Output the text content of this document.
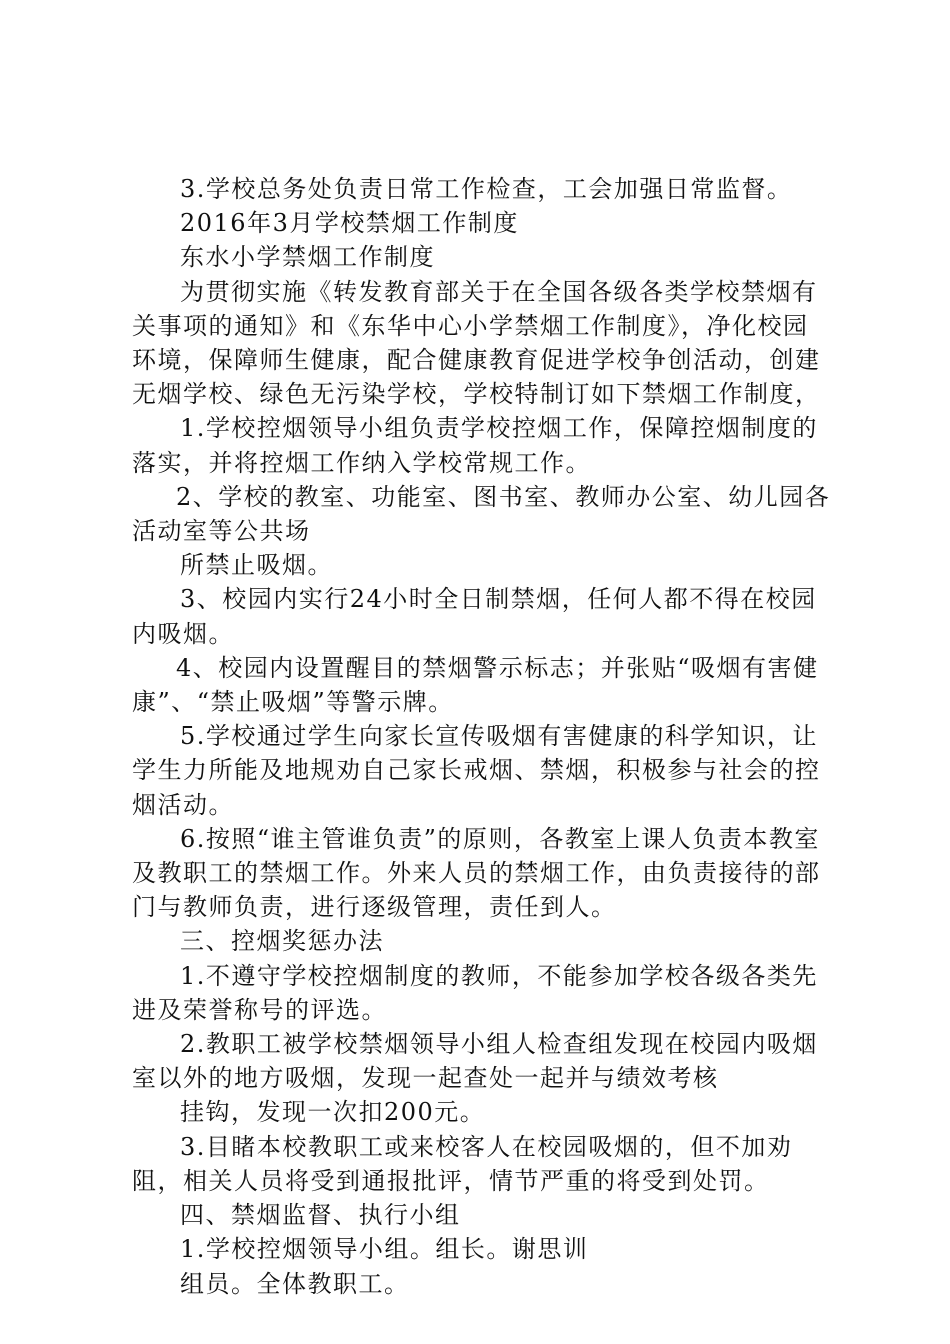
3.学校总务处负责日常工作检查，工会加强日常监督。

2016年3月学校禁烟工作制度

东水小学禁烟工作制度

为贯彻实施《转发教育部关于在全国各级各类学校禁烟有关事项的通知》和《东华中心小学禁烟工作制度》，净化校园环境，保障师生健康，配合健康教育促进学校争创活动，创建无烟学校、绿色无污染学校，学校特制订如下禁烟工作制度，

1.学校控烟领导小组负责学校控烟工作，保障控烟制度的落实，并将控烟工作纳入学校常规工作。

2、学校的教室、功能室、图书室、教师办公室、幼儿园各活动室等公共场

所禁止吸烟。

3、校园内实行24小时全日制禁烟，任何人都不得在校园内吸烟。

4、校园内设置醒目的禁烟警示标志；并张贴“吸烟有害健康”、“禁止吸烟”等警示牌。

5.学校通过学生向家长宣传吸烟有害健康的科学知识，让学生力所能及地规劝自己家长戒烟、禁烟，积极参与社会的控烟活动。

6.按照“谁主管谁负责”的原则，各教室上课人负责本教室及教职工的禁烟工作。外来人员的禁烟工作，由负责接待的部门与教师负责，进行逐级管理，责任到人。

三、控烟奖惩办法

1.不遵守学校控烟制度的教师，不能参加学校各级各类先进及荣誉称号的评选。

2.教职工被学校禁烟领导小组人检查组发现在校园内吸烟室以外的地方吸烟，发现一起查处一起并与绩效考核

挂钩，发现一次扣200元。

3.目睹本校教职工或来校客人在校园吸烟的，但不加劝阻，相关人员将受到通报批评，情节严重的将受到处罚。

四、禁烟监督、执行小组

1.学校控烟领导小组。组长。谢思训

组员。全体教职工。
